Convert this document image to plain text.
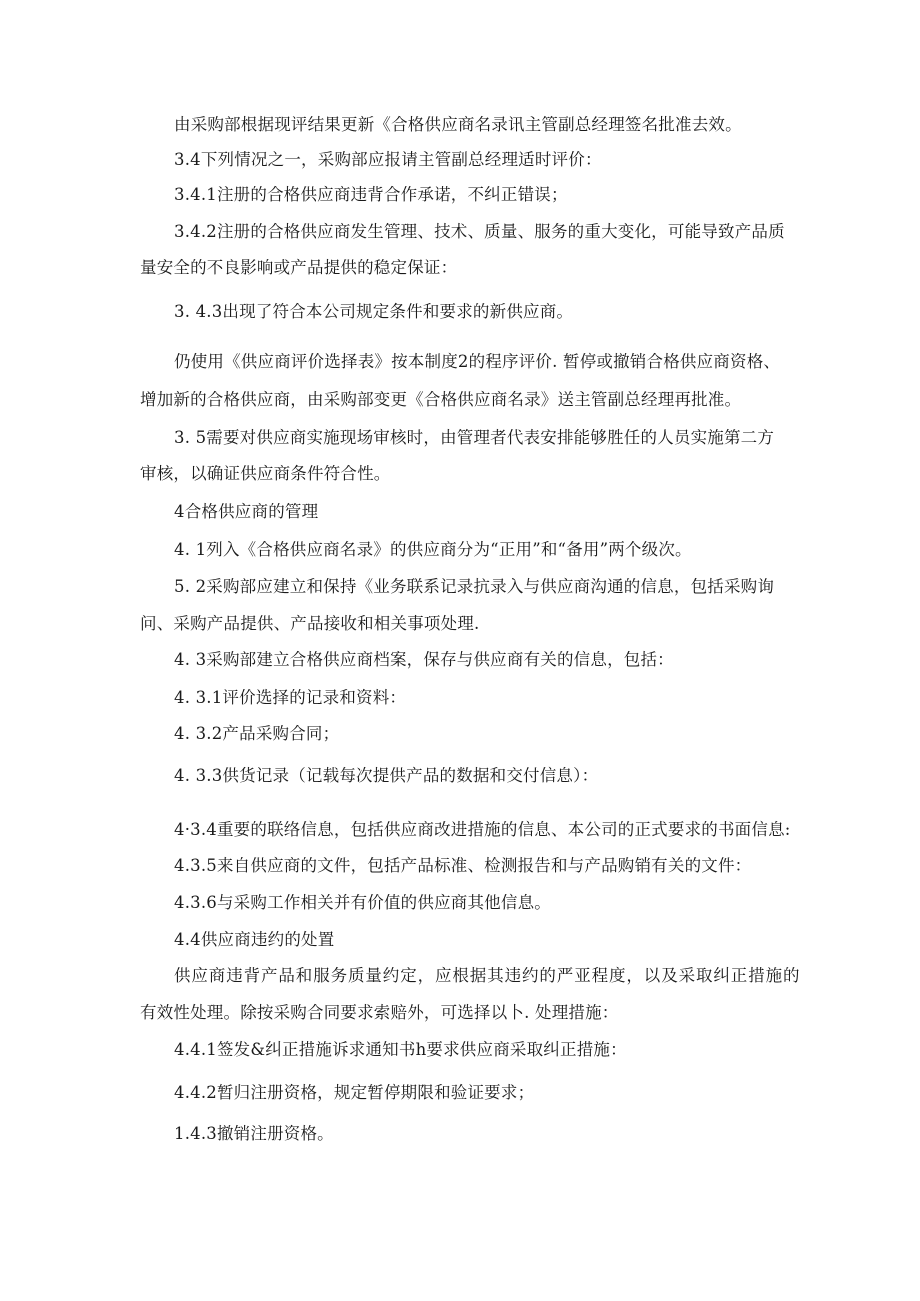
由采购部根据现评结果更新《合格供应商名录讯主管副总经理签名批准去效。
3.4下列情况之一，采购部应报请主管副总经理适时评价：
3.4.1注册的合格供应商违背合作承诺，不纠正错误；
3.4.2注册的合格供应商发生管理、技术、质量、服务的重大变化，可能导致产品质
量安全的不良影响或产品提供的稳定保证：
3. 4.3出现了符合本公司规定条件和要求的新供应商。
仍使用《供应商评价选择表》按本制度2的程序评价. 暂停或撤销合格供应商资格、
增加新的合格供应商，由采购部变更《合格供应商名录》送主管副总经理再批准。
3. 5需要对供应商实施现场审核时，由管理者代表安排能够胜任的人员实施第二方
审核，以确证供应商条件符合性。
4合格供应商的管理
4. 1列入《合格供应商名录》的供应商分为“正用”和“备用”两个级次。
5. 2采购部应建立和保持《业务联系记录抗录入与供应商沟通的信息，包括采购询
问、采购产品提供、产品接收和相关事项处理.
4. 3采购部建立合格供应商档案，保存与供应商有关的信息，包括：
4. 3.1评价选择的记录和资料：
4. 3.2产品采购合同；
4. 3.3供货记录（记载每次提供产品的数据和交付信息）：
4·3.4重要的联络信息，包括供应商改进措施的信息、本公司的正式要求的书面信息:
4.3.5来自供应商的文件，包括产品标准、检测报告和与产品购销有关的文件：
4.3.6与采购工作相关并有价值的供应商其他信息。
4.4供应商违约的处置
供应商违背产品和服务质量约定，应根据其违约的严亚程度，以及采取纠正措施的
有效性处理。除按采购合同要求索赔外，可选择以卜. 处理措施：
4.4.1签发&纠正措施诉求通知书h要求供应商采取纠正措施：
4.4.2暂归注册资格，规定暂停期限和验证要求；
1.4.3撤销注册资格。
